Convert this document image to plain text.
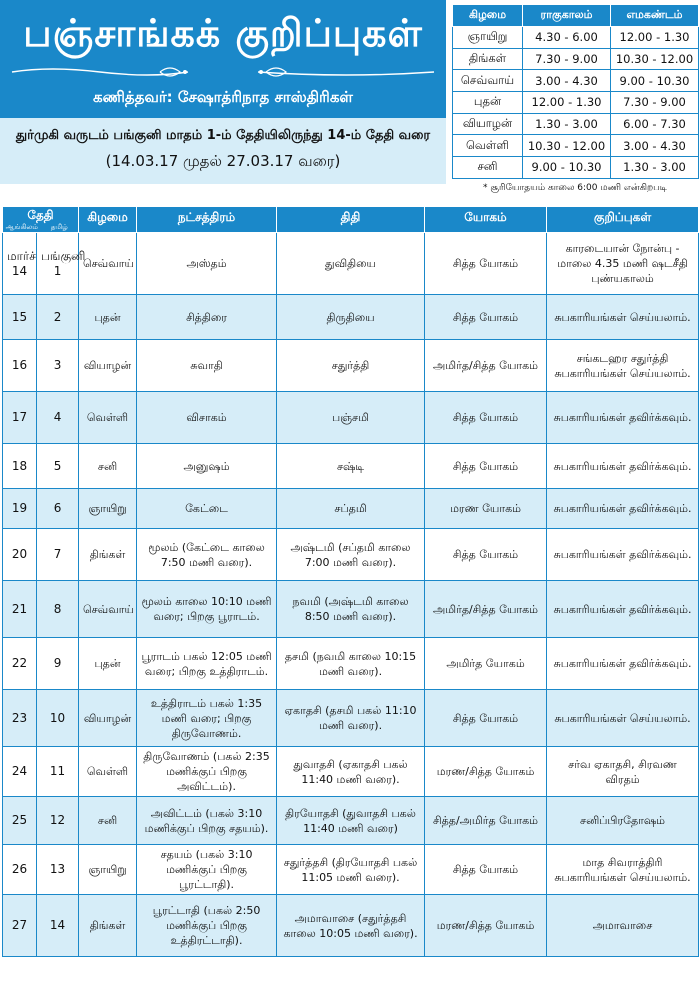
பஞ்சாங்கக் குறிப்புகள்
கணித்தவர்: சேஷாத்ரிநாத சாஸ்திரிகள்
துர்முகி வருடம் பங்குனி மாதம் 1-ம் தேதியிலிருந்து 14-ம் தேதி வரை
(14.03.17 முதல் 27.03.17 வரை)
கிழமை	ராகுகாலம்	எமகண்டம்
ஞாயிறு	4.30 - 6.00	12.00 - 1.30
திங்கள்	7.30 - 9.00	10.30 - 12.00
செவ்வாய்	3.00 - 4.30	9.00 - 10.30
புதன்	12.00 - 1.30	7.30 - 9.00
வியாழன்	1.30 - 3.00	6.00 - 7.30
வெள்ளி	10.30 - 12.00	3.00 - 4.30
சனி	9.00 - 10.30	1.30 - 3.00
* சூரியோதயம் காலை 6:00 மணி என்கிறபடி
தேதி
ஆங்கிலம் தமிழ்		கிழமை	நட்சத்திரம்	திதி	யோகம்	குறிப்புகள்
மார்ச் 14	பங்குனி 1	செவ்வாய்	அஸ்தம்	துவிதியை	சித்த யோகம்	காரடையான் நோன்பு - மாலை 4.35 மணி ஷடசீதி புண்யகாலம்
15	2	புதன்	சித்திரை	திருதியை	சித்த யோகம்	சுபகாரியங்கள் செய்யலாம்.
16	3	வியாழன்	சுவாதி	சதுர்த்தி	அமிர்த/சித்த யோகம்	சங்கடஹர சதுர்த்தி சுபகாரியங்கள் செய்யலாம்.
17	4	வெள்ளி	விசாகம்	பஞ்சமி	சித்த யோகம்	சுபகாரியங்கள் தவிர்க்கவும்.
18	5	சனி	அனுஷம்	சஷ்டி	சித்த யோகம்	சுபகாரியங்கள் தவிர்க்கவும்.
19	6	ஞாயிறு	கேட்டை	சப்தமி	மரண யோகம்	சுபகாரியங்கள் தவிர்க்கவும்.
20	7	திங்கள்	மூலம் (கேட்டை காலை 7:50 மணி வரை).	அஷ்டமி (சப்தமி காலை 7:00 மணி வரை).	சித்த யோகம்	சுபகாரியங்கள் தவிர்க்கவும்.
21	8	செவ்வாய்	மூலம் காலை 10:10 மணி வரை; பிறகு பூராடம்.	நவமி (அஷ்டமி காலை 8:50 மணி வரை).	அமிர்த/சித்த யோகம்	சுபகாரியங்கள் தவிர்க்கவும்.
22	9	புதன்	பூராடம் பகல் 12:05 மணி வரை; பிறகு உத்திராடம்.	தசமி (நவமி காலை 10:15 மணி வரை).	அமிர்த யோகம்	சுபகாரியங்கள் தவிர்க்கவும்.
23	10	வியாழன்	உத்திராடம் பகல் 1:35 மணி வரை; பிறகு திருவோணம்.	ஏகாதசி (தசமி பகல் 11:10 மணி வரை).	சித்த யோகம்	சுபகாரியங்கள் செய்யலாம்.
24	11	வெள்ளி	திருவோணம் (பகல் 2:35 மணிக்குப் பிறகு அவிட்டம்).	துவாதசி (ஏகாதசி பகல் 11:40 மணி வரை).	மரண/சித்த யோகம்	சர்வ ஏகாதசி, சிரவண விரதம்
25	12	சனி	அவிட்டம் (பகல் 3:10 மணிக்குப் பிறகு சதயம்).	திரயோதசி (துவாதசி பகல் 11:40 மணி வரை)	சித்த/அமிர்த யோகம்	சனிப்பிரதோஷம்
26	13	ஞாயிறு	சதயம் (பகல் 3:10 மணிக்குப் பிறகு பூரட்டாதி).	சதுர்த்தசி (திரயோதசி பகல் 11:05 மணி வரை).	சித்த யோகம்	மாத சிவராத்திரி சுபகாரியங்கள் செய்யலாம்.
27	14	திங்கள்	பூரட்டாதி (பகல் 2:50 மணிக்குப் பிறகு உத்திரட்டாதி).	அமாவாசை (சதுர்த்தசி காலை 10:05 மணி வரை).	மரண/சித்த யோகம்	அமாவாசை
